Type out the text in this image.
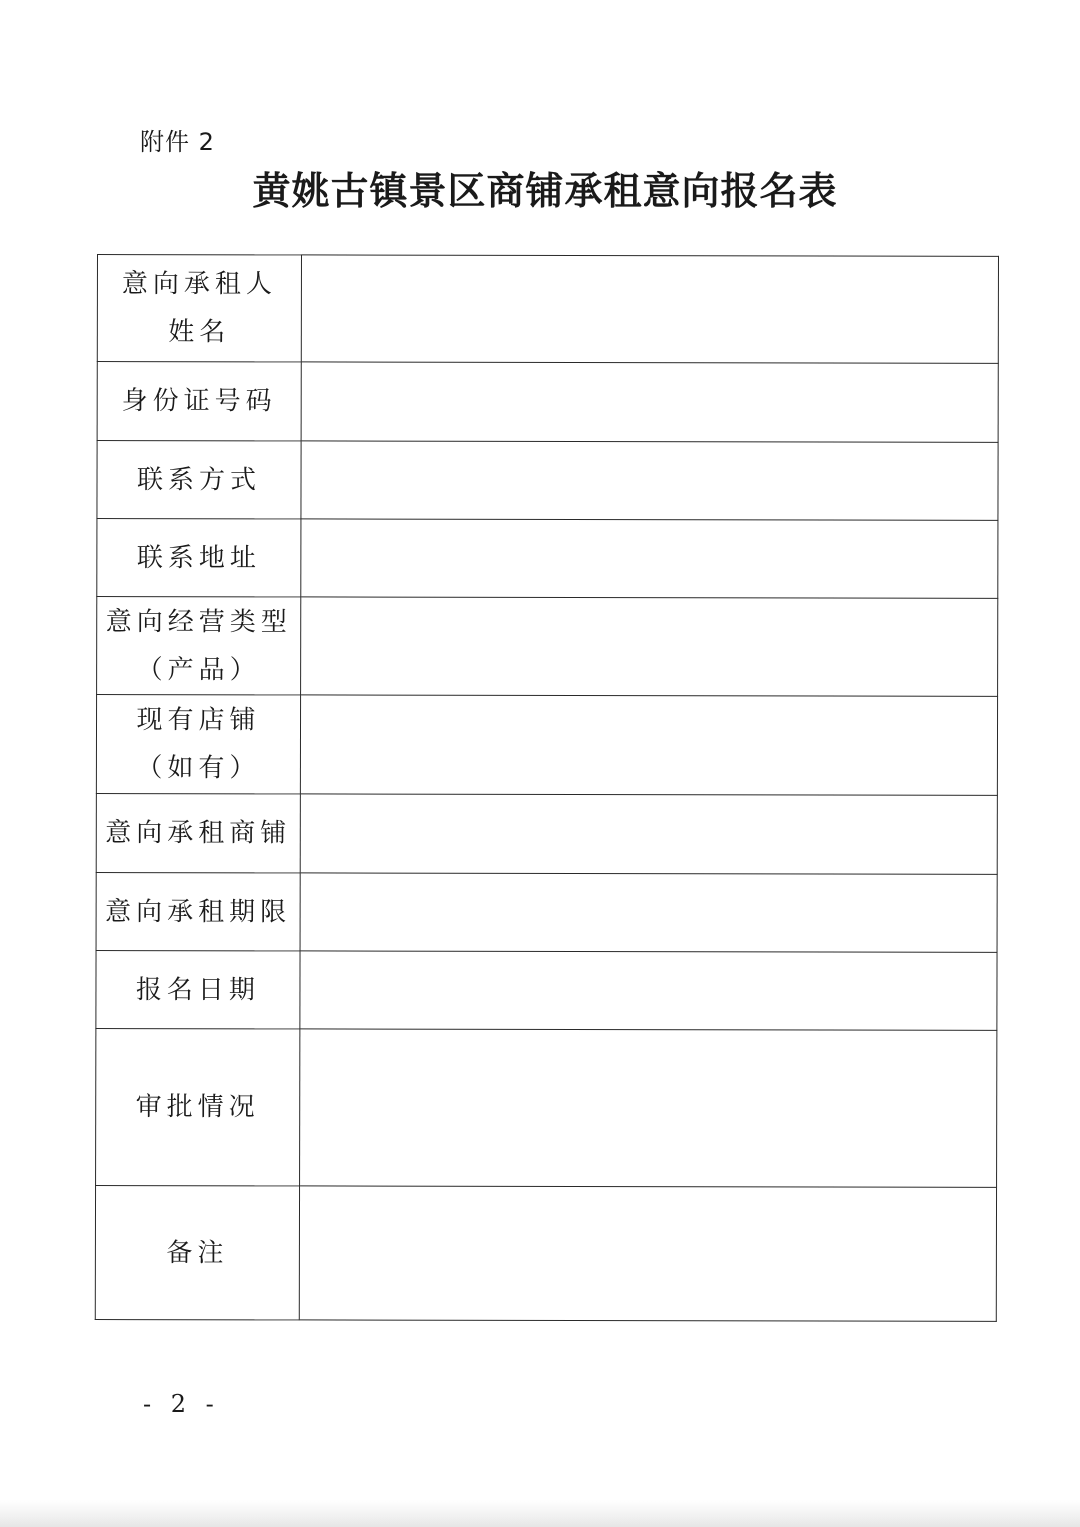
附件 2
黄姚古镇景区商铺承租意向报名表
意向承租人
姓名	

身份证号码	

联系方式	

联系地址	

意向经营类型
（产品）	

现有店铺
（如有）	

意向承租商铺	

意向承租期限	

报名日期	

审批情况	

备注	

- 2 -
